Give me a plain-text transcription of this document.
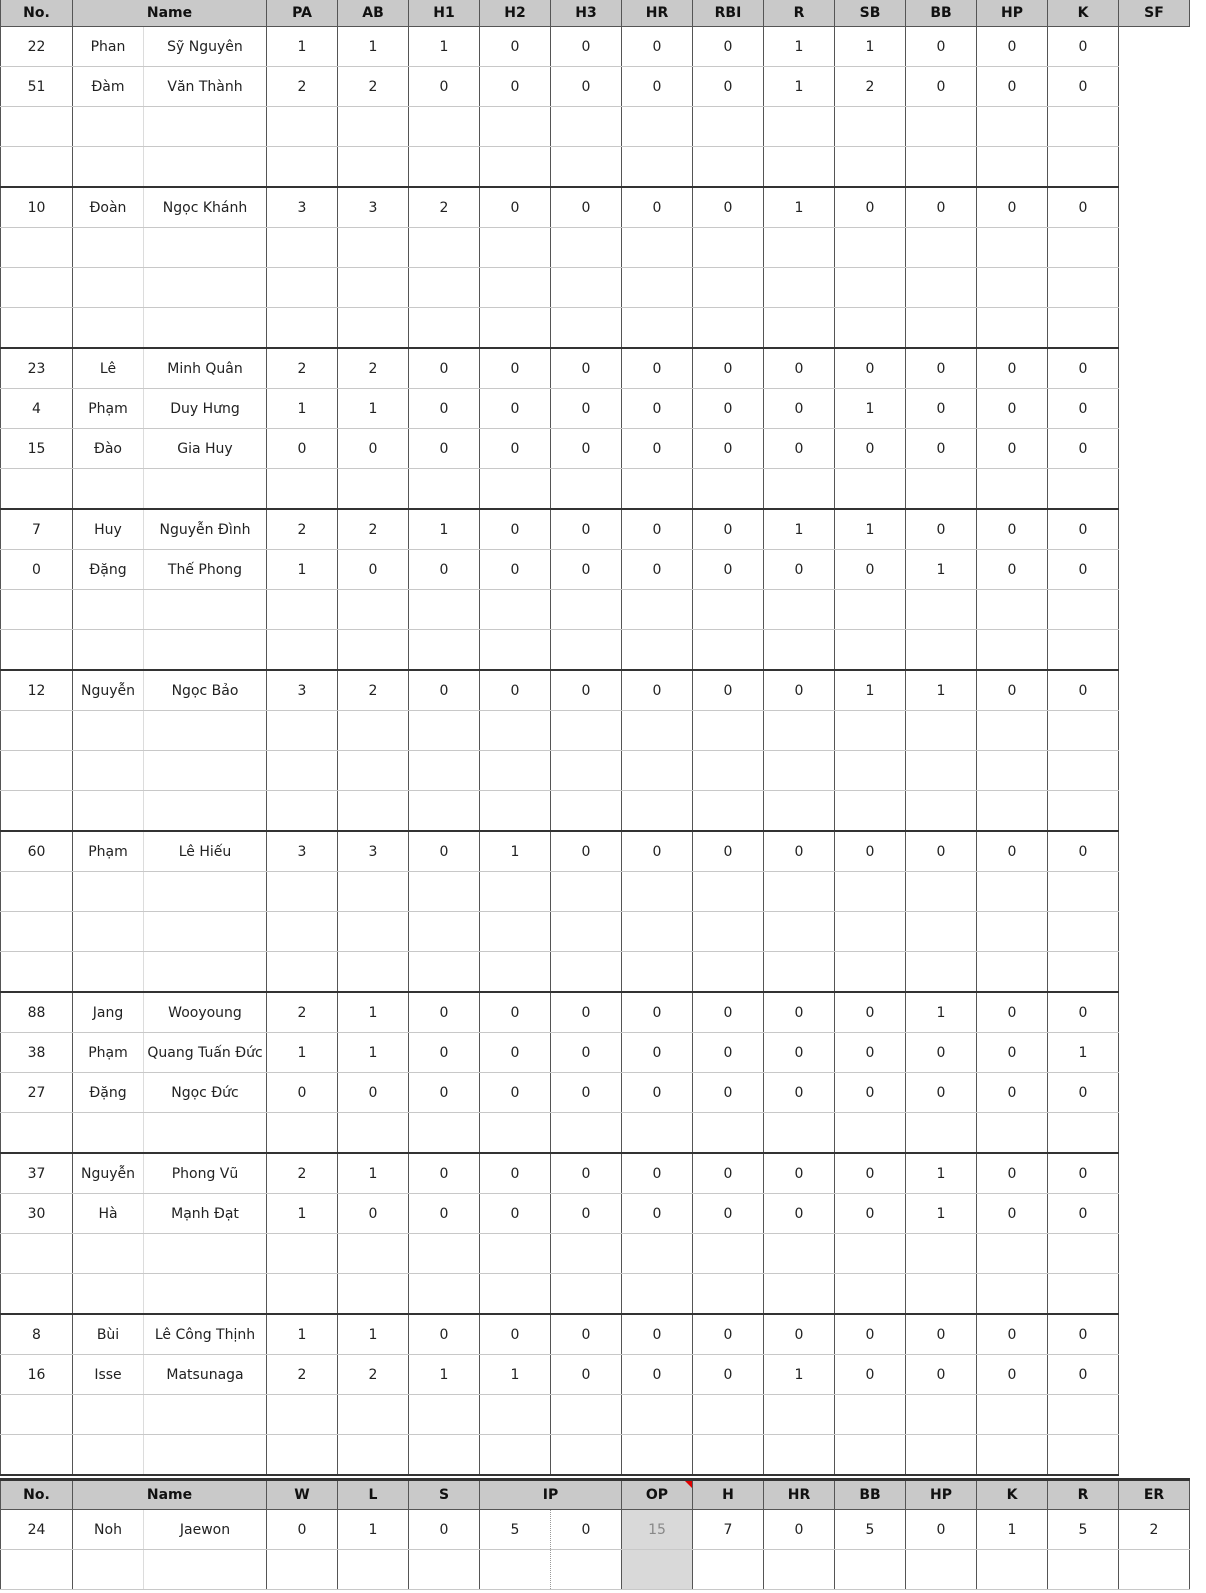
No.	Name		PA	AB	H1	H2	H3	HR	RBI	R	SB	BB	HP	K	SF
22	Phan	Sỹ Nguyên	1	1	1	0	0	0	0	1	1	0	0	0	
51	Đàm	Văn Thành	2	2	0	0	0	0	0	1	2	0	0	0	

10	Đoàn	Ngọc Khánh	3	3	2	0	0	0	0	1	0	0	0	0	

23	Lê	Minh Quân	2	2	0	0	0	0	0	0	0	0	0	0	
4	Phạm	Duy Hưng	1	1	0	0	0	0	0	0	1	0	0	0	
15	Đào	Gia Huy	0	0	0	0	0	0	0	0	0	0	0	0	

7	Huy	Nguyễn Đình	2	2	1	0	0	0	0	1	1	0	0	0	
0	Đặng	Thế Phong	1	0	0	0	0	0	0	0	0	1	0	0	

12	Nguyễn	Ngọc Bảo	3	2	0	0	0	0	0	0	1	1	0	0	

60	Phạm	Lê Hiếu	3	3	0	1	0	0	0	0	0	0	0	0	

88	Jang	Wooyoung	2	1	0	0	0	0	0	0	0	1	0	0	
38	Phạm	Quang Tuấn Đức	1	1	0	0	0	0	0	0	0	0	0	1	
27	Đặng	Ngọc Đức	0	0	0	0	0	0	0	0	0	0	0	0	

37	Nguyễn	Phong Vũ	2	1	0	0	0	0	0	0	0	1	0	0	
30	Hà	Mạnh Đạt	1	0	0	0	0	0	0	0	0	1	0	0	

8	Bùi	Lê Công Thịnh	1	1	0	0	0	0	0	0	0	0	0	0	
16	Isse	Matsunaga	2	2	1	1	0	0	0	1	0	0	0	0	

No.	Name		W	L	S	IP		OP	H	HR	BB	HP	K	R	ER
24	Noh	Jaewon	0	1	0	5	0	15	7	0	5	0	1	5	2
